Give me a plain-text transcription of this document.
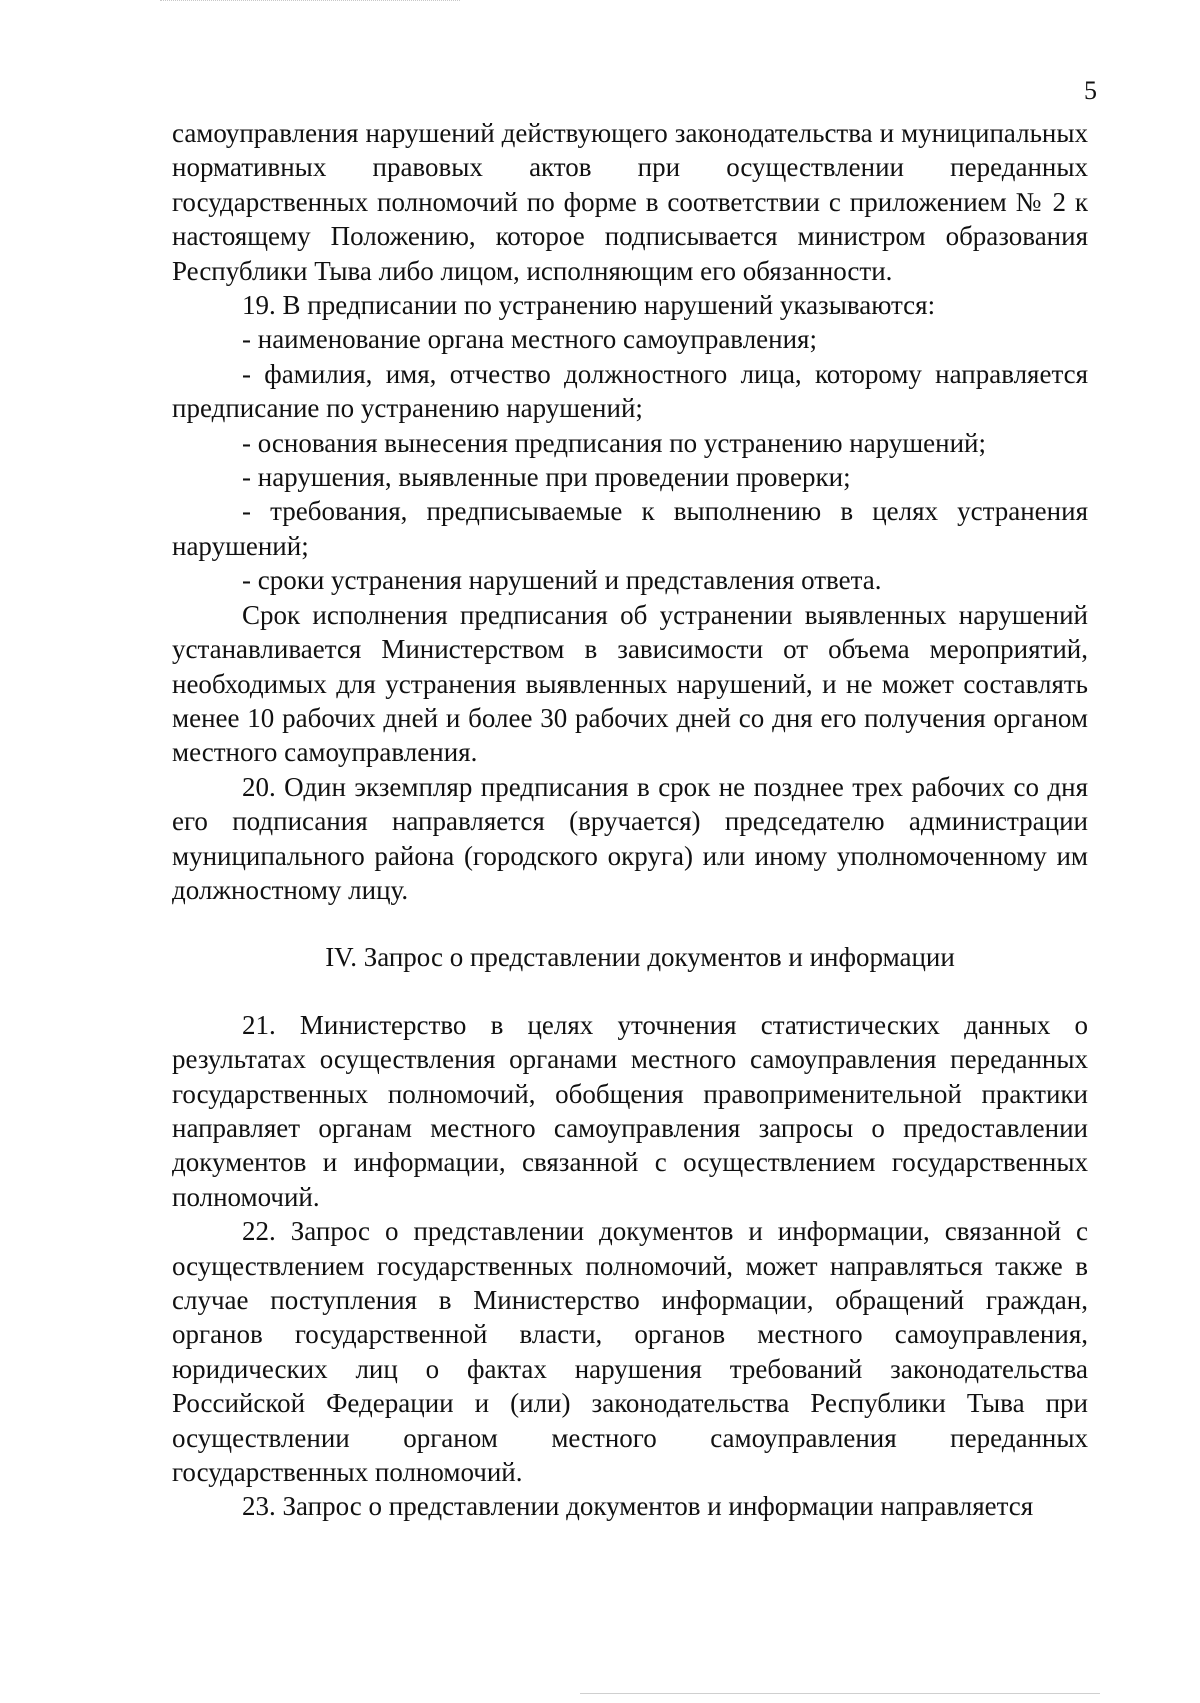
5

самоуправления нарушений действующего законодательства и муниципальных нормативных правовых актов при осуществлении переданных государственных полномочий по форме в соответствии с приложением № 2 к настоящему Положению, которое подписывается министром образования Республики Тыва либо лицом, исполняющим его обязанности.

19. В предписании по устранению нарушений указываются:

- наименование органа местного самоуправления;

- фамилия, имя, отчество должностного лица, которому направляется предписание по устранению нарушений;

- основания вынесения предписания по устранению нарушений;

- нарушения, выявленные при проведении проверки;

- требования, предписываемые к выполнению в целях устранения нарушений;

- сроки устранения нарушений и представления ответа.

Срок исполнения предписания об устранении выявленных нарушений устанавливается Министерством в зависимости от объема мероприятий, необходимых для устранения выявленных нарушений, и не может составлять менее 10 рабочих дней и более 30 рабочих дней со дня его получения органом местного самоуправления.

20. Один экземпляр предписания в срок не позднее трех рабочих со дня его подписания направляется (вручается) председателю администрации муниципального района (городского округа) или иному уполномоченному им должностному лицу.

IV. Запрос о представлении документов и информации

21. Министерство в целях уточнения статистических данных о результатах осуществления органами местного самоуправления переданных государственных полномочий, обобщения правоприменительной практики направляет органам местного самоуправления запросы о предоставлении документов и информации, связанной с осуществлением государственных полномочий.

22. Запрос о представлении документов и информации, связанной с осуществлением государственных полномочий, может направляться также в случае поступления в Министерство информации, обращений граждан, органов государственной власти, органов местного самоуправления, юридических лиц о фактах нарушения требований законодательства Российской Федерации и (или) законодательства Республики Тыва при осуществлении органом местного самоуправления переданных государственных полномочий.

23. Запрос о представлении документов и информации направляется
